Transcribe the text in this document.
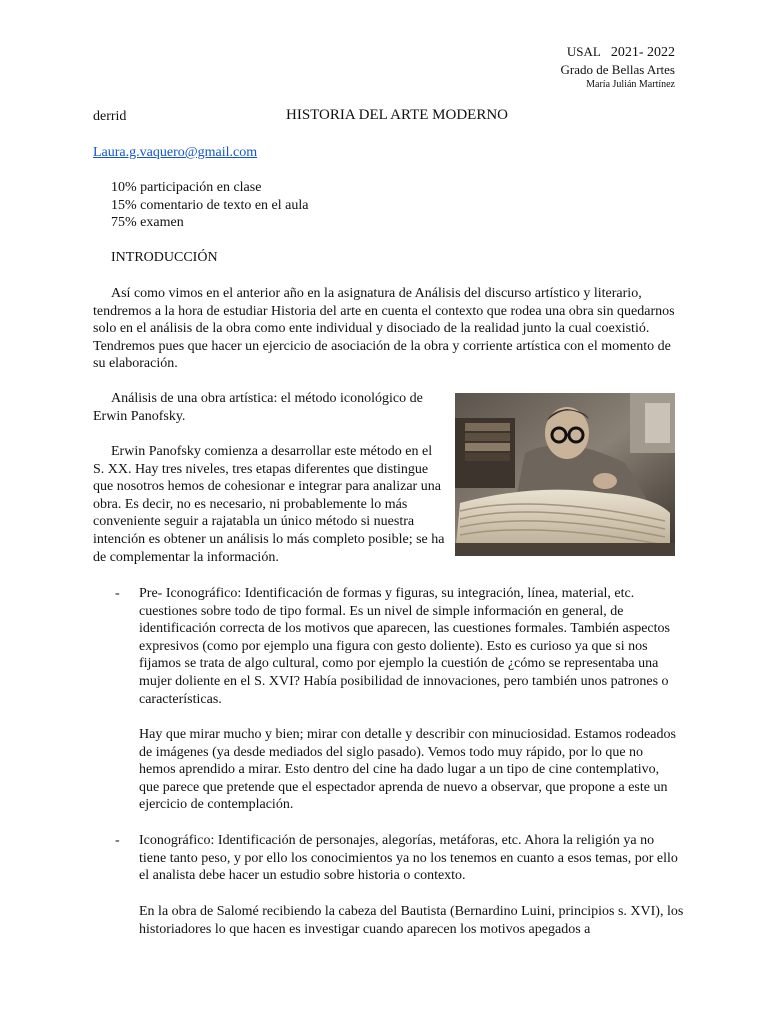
USAL 2021- 2022
Grado de Bellas Artes
María Julián Martínez
derrid	HISTORIA DEL ARTE MODERNO
Laura.g.vaquero@gmail.com
10% participación en clase
15% comentario de texto en el aula
75% examen
INTRODUCCIÓN

Así como vimos en el anterior año en la asignatura de Análisis del discurso artístico y literario, tendremos a la hora de estudiar Historia del arte en cuenta el contexto que rodea una obra sin quedarnos solo en el análisis de la obra como ente individual y disociado de la realidad junto la cual coexistió. Tendremos pues que hacer un ejercicio de asociación de la obra y corriente artística con el momento de su elaboración.

Análisis de una obra artística: el método iconológico de Erwin Panofsky.

Erwin Panofsky comienza a desarrollar este método en el S. XX. Hay tres niveles, tres etapas diferentes que distingue que nosotros hemos de cohesionar e integrar para analizar una obra. Es decir, no es necesario, ni probablemente lo más conveniente seguir a rajatabla un único método si nuestra intención es obtener un análisis lo más completo posible; se ha de complementar la información.

- Pre- Iconográfico: Identificación de formas y figuras, su integración, línea, material, etc. cuestiones sobre todo de tipo formal. Es un nivel de simple información en general, de identificación correcta de los motivos que aparecen, las cuestiones formales. También aspectos expresivos (como por ejemplo una figura con gesto doliente). Esto es curioso ya que si nos fijamos se trata de algo cultural, como por ejemplo la cuestión de ¿cómo se representaba una mujer doliente en el S. XVI? Había posibilidad de innovaciones, pero también unos patrones o características.

Hay que mirar mucho y bien; mirar con detalle y describir con minuciosidad. Estamos rodeados de imágenes (ya desde mediados del siglo pasado). Vemos todo muy rápido, por lo que no hemos aprendido a mirar. Esto dentro del cine ha dado lugar a un tipo de cine contemplativo, que parece que pretende que el espectador aprenda de nuevo a observar, que propone a este un ejercicio de contemplación.

- Iconográfico: Identificación de personajes, alegorías, metáforas, etc. Ahora la religión ya no tiene tanto peso, y por ello los conocimientos ya no los tenemos en cuanto a esos temas, por ello el analista debe hacer un estudio sobre historia o contexto.

En la obra de Salomé recibiendo la cabeza del Bautista (Bernardino Luini, principios s. XVI), los historiadores lo que hacen es investigar cuando aparecen los motivos apegados a
